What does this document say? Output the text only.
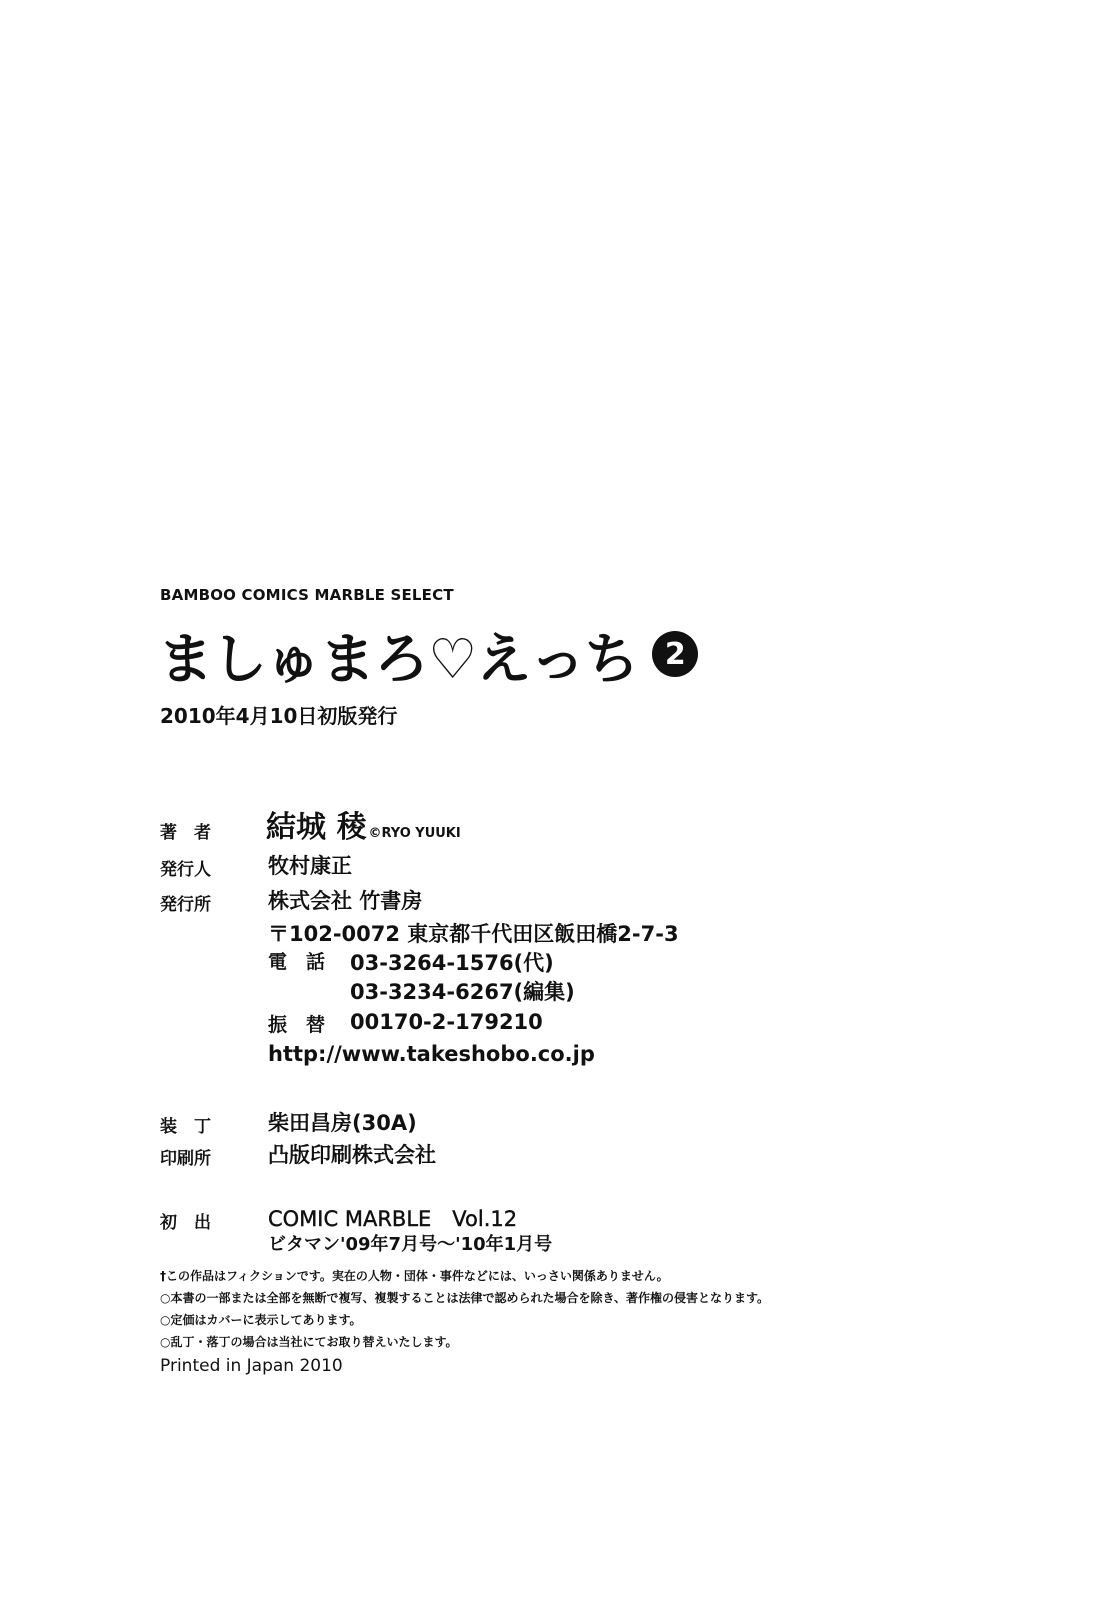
BAMBOO COMICS MARBLE SELECT
ましゅまろ♡えっち 2
2010年4月10日初版発行
著　者 結城 稜 ©RYO YUUKI
発行人	牧村康正
発行所	株式会社 竹書房
〒102-0072 東京都千代田区飯田橋2-7-3
電　話 03-3264-1576(代)
03-3234-6267(編集)
振　替 00170-2-179210
http://www.takeshobo.co.jp
装　丁	柴田昌房(30A)
印刷所	凸版印刷株式会社
初　出	COMIC MARBLE　Vol.12
ビタマン'09年7月号～'10年1月号
†この作品はフィクションです。実在の人物・団体・事件などには、いっさい関係ありません。
○本書の一部または全部を無断で複写、複製することは法律で認められた場合を除き、著作権の侵害となります。
○定価はカバーに表示してあります。
○乱丁・落丁の場合は当社にてお取り替えいたします。
Printed in Japan 2010
